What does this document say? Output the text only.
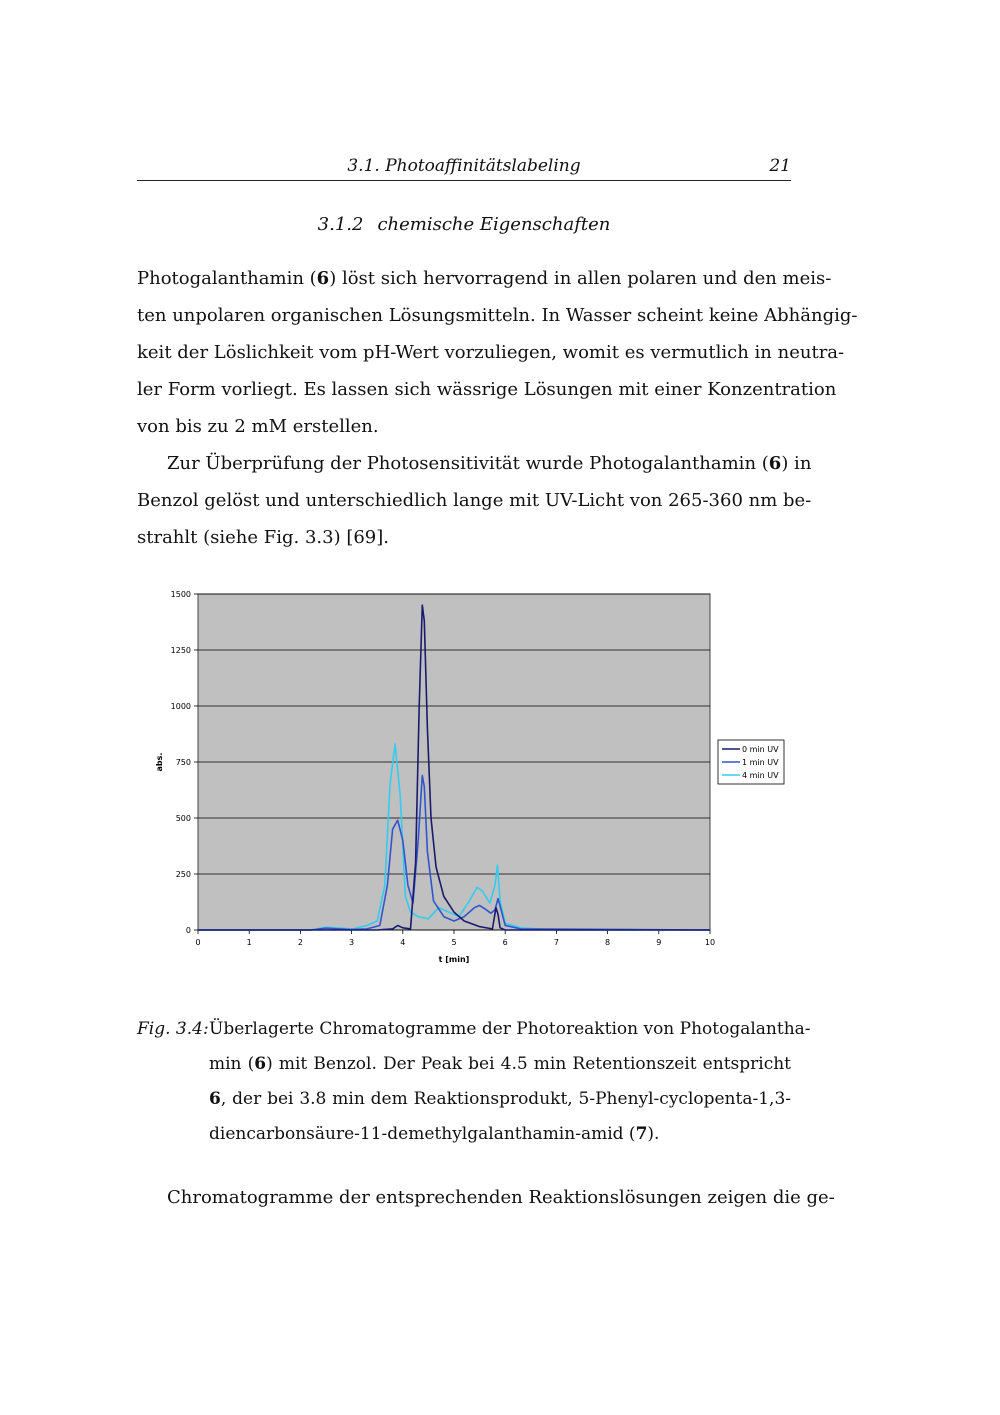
3.1. Photoaffinitätslabeling	21
3.1.2 chemische Eigenschaften
Photogalanthamin (6) löst sich hervorragend in allen polaren und den meis-
ten unpolaren organischen Lösungsmitteln. In Wasser scheint keine Abhängig-
keit der Löslichkeit vom pH-Wert vorzuliegen, womit es vermutlich in neutra-
ler Form vorliegt. Es lassen sich wässrige Lösungen mit einer Konzentration
von bis zu 2 mM erstellen.
Zur Überprüfung der Photosensitivität wurde Photogalanthamin (6) in
Benzol gelöst und unterschiedlich lange mit UV-Licht von 265-360 nm be-
strahlt (siehe Fig. 3.3) [69].
0
250
500
750
1000
1250
1500
0	1	2	3	4	5	6	7	8	9	10
t [min]
abs.
0 min UV
1 min UV
4 min UV
Fig. 3.4: Überlagerte Chromatogramme der Photoreaktion von Photogalantha-
min (6) mit Benzol. Der Peak bei 4.5 min Retentionszeit entspricht
6, der bei 3.8 min dem Reaktionsprodukt, 5-Phenyl-cyclopenta-1,3-
diencarbonsäure-11-demethylgalanthamin-amid (7).
Chromatogramme der entsprechenden Reaktionslösungen zeigen die ge-
